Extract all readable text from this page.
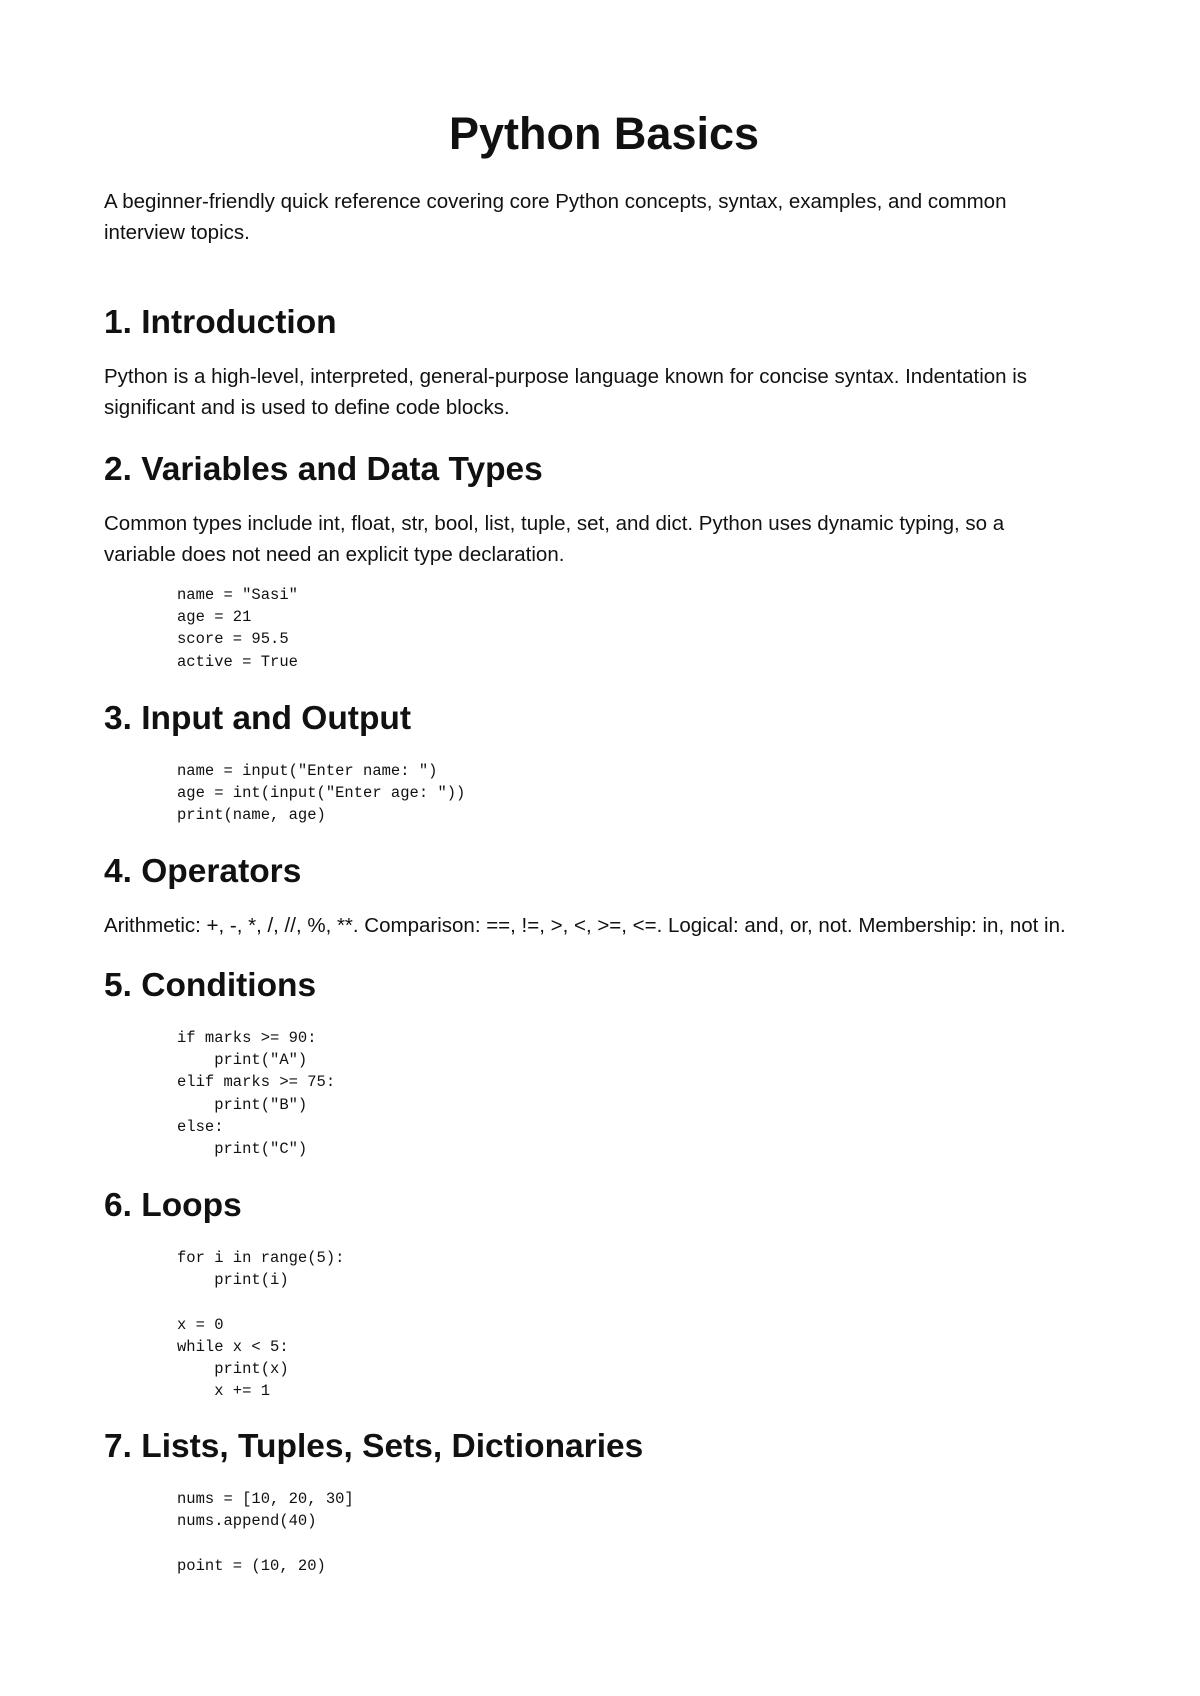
Python Basics

A beginner-friendly quick reference covering core Python concepts, syntax, examples, and common interview topics.

1. Introduction

Python is a high-level, interpreted, general-purpose language known for concise syntax. Indentation is significant and is used to define code blocks.

2. Variables and Data Types

Common types include int, float, str, bool, list, tuple, set, and dict. Python uses dynamic typing, so a variable does not need an explicit type declaration.

name = "Sasi"
age = 21
score = 95.5
active = True
3. Input and Output
name = input("Enter name: ")
age = int(input("Enter age: "))
print(name, age)
4. Operators

Arithmetic: +, -, *, /, //, %, **. Comparison: ==, !=, >, <, >=, <=. Logical: and, or, not. Membership: in, not in.

5. Conditions
if marks >= 90:
print("A")
elif marks >= 75:
print("B")
else:
print("C")
6. Loops
for i in range(5):
print(i)

x = 0
while x < 5:
print(x)
x += 1
7. Lists, Tuples, Sets, Dictionaries
nums = [10, 20, 30]
nums.append(40)

point = (10, 20)
